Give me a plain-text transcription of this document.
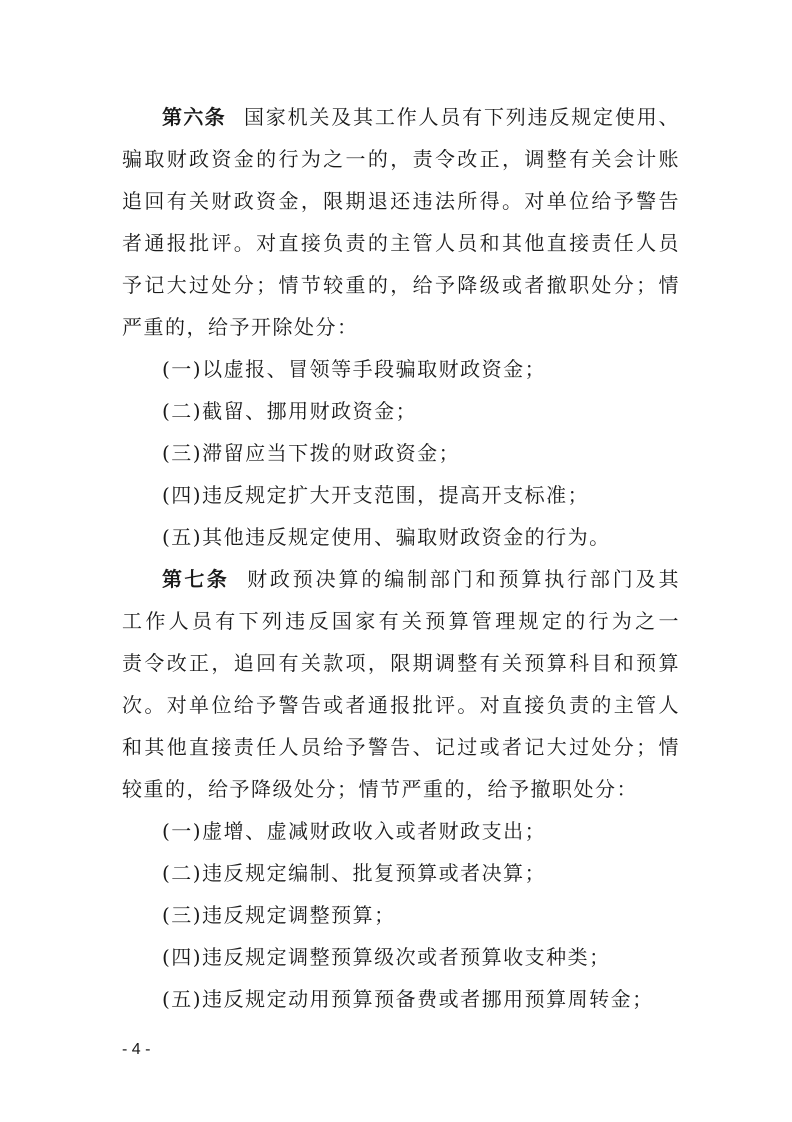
第六条 国家机关及其工作人员有下列违反规定使用、
骗取财政资金的行为之一的，责令改正，调整有关会计账
追回有关财政资金，限期退还违法所得。对单位给予警告
者通报批评。对直接负责的主管人员和其他直接责任人员
予记大过处分；情节较重的，给予降级或者撤职处分；情
严重的，给予开除处分：
(一)以虚报、冒领等手段骗取财政资金；
(二)截留、挪用财政资金；
(三)滞留应当下拨的财政资金；
(四)违反规定扩大开支范围，提高开支标准；
(五)其他违反规定使用、骗取财政资金的行为。
第七条 财政预决算的编制部门和预算执行部门及其
工作人员有下列违反国家有关预算管理规定的行为之一
责令改正，追回有关款项，限期调整有关预算科目和预算
次。对单位给予警告或者通报批评。对直接负责的主管人
和其他直接责任人员给予警告、记过或者记大过处分；情
较重的，给予降级处分；情节严重的，给予撤职处分：
(一)虚增、虚减财政收入或者财政支出；
(二)违反规定编制、批复预算或者决算；
(三)违反规定调整预算；
(四)违反规定调整预算级次或者预算收支种类；
(五)违反规定动用预算预备费或者挪用预算周转金；
- 4 -
